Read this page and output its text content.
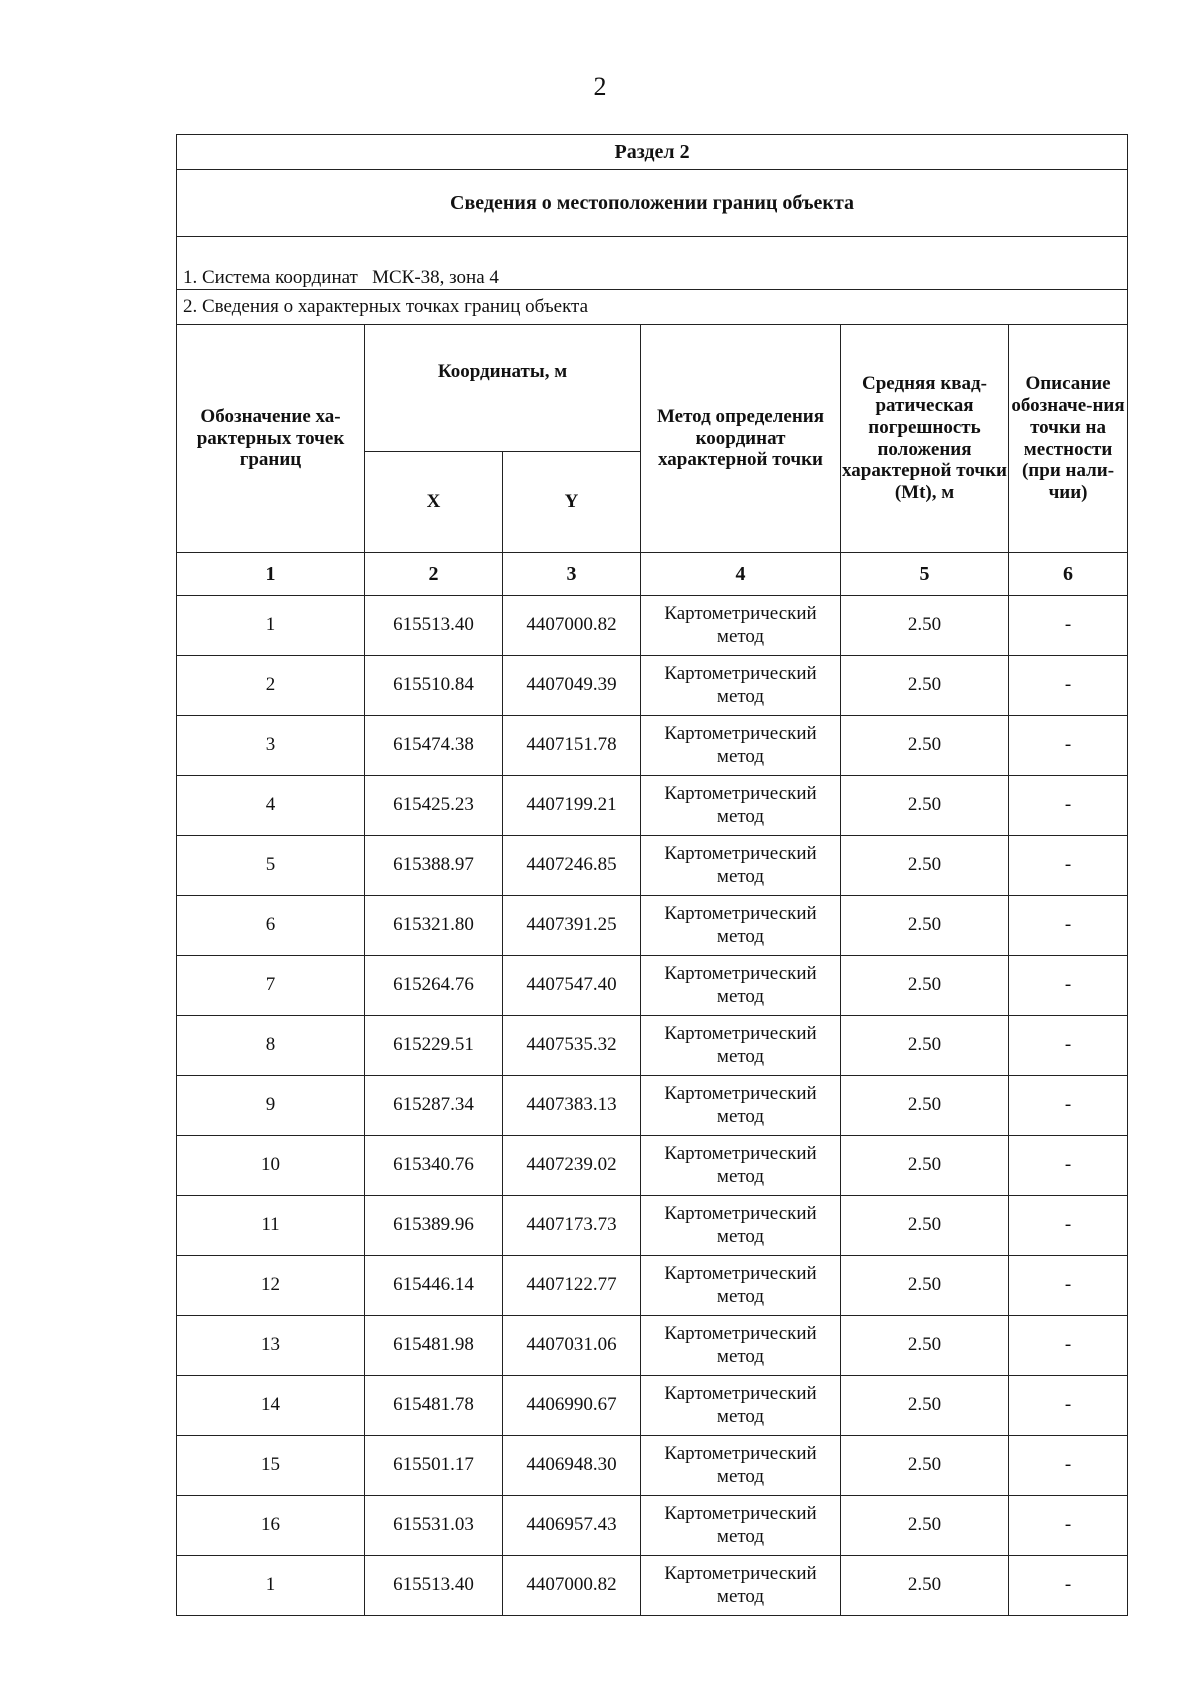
2
Раздел 2					
Сведения о местоположении границ объекта					
1. Система координат   МСК-38, зона 4					
2. Сведения о характерных точках границ объекта					
Обозначение ха-рактерных точек границ	Координаты, м		Метод определения координат характерной точки	Средняя квад-ратическая погрешность положения характерной точки (Mt), м	Описание обозначе-ния точки на местности (при нали-чии)
	X	Y			
1	2	3	4	5	6
1	615513.40	4407000.82	Картометрический метод	2.50	-
2	615510.84	4407049.39	Картометрический метод	2.50	-
3	615474.38	4407151.78	Картометрический метод	2.50	-
4	615425.23	4407199.21	Картометрический метод	2.50	-
5	615388.97	4407246.85	Картометрический метод	2.50	-
6	615321.80	4407391.25	Картометрический метод	2.50	-
7	615264.76	4407547.40	Картометрический метод	2.50	-
8	615229.51	4407535.32	Картометрический метод	2.50	-
9	615287.34	4407383.13	Картометрический метод	2.50	-
10	615340.76	4407239.02	Картометрический метод	2.50	-
11	615389.96	4407173.73	Картометрический метод	2.50	-
12	615446.14	4407122.77	Картометрический метод	2.50	-
13	615481.98	4407031.06	Картометрический метод	2.50	-
14	615481.78	4406990.67	Картометрический метод	2.50	-
15	615501.17	4406948.30	Картометрический метод	2.50	-
16	615531.03	4406957.43	Картометрический метод	2.50	-
1	615513.40	4407000.82	Картометрический метод	2.50	-
